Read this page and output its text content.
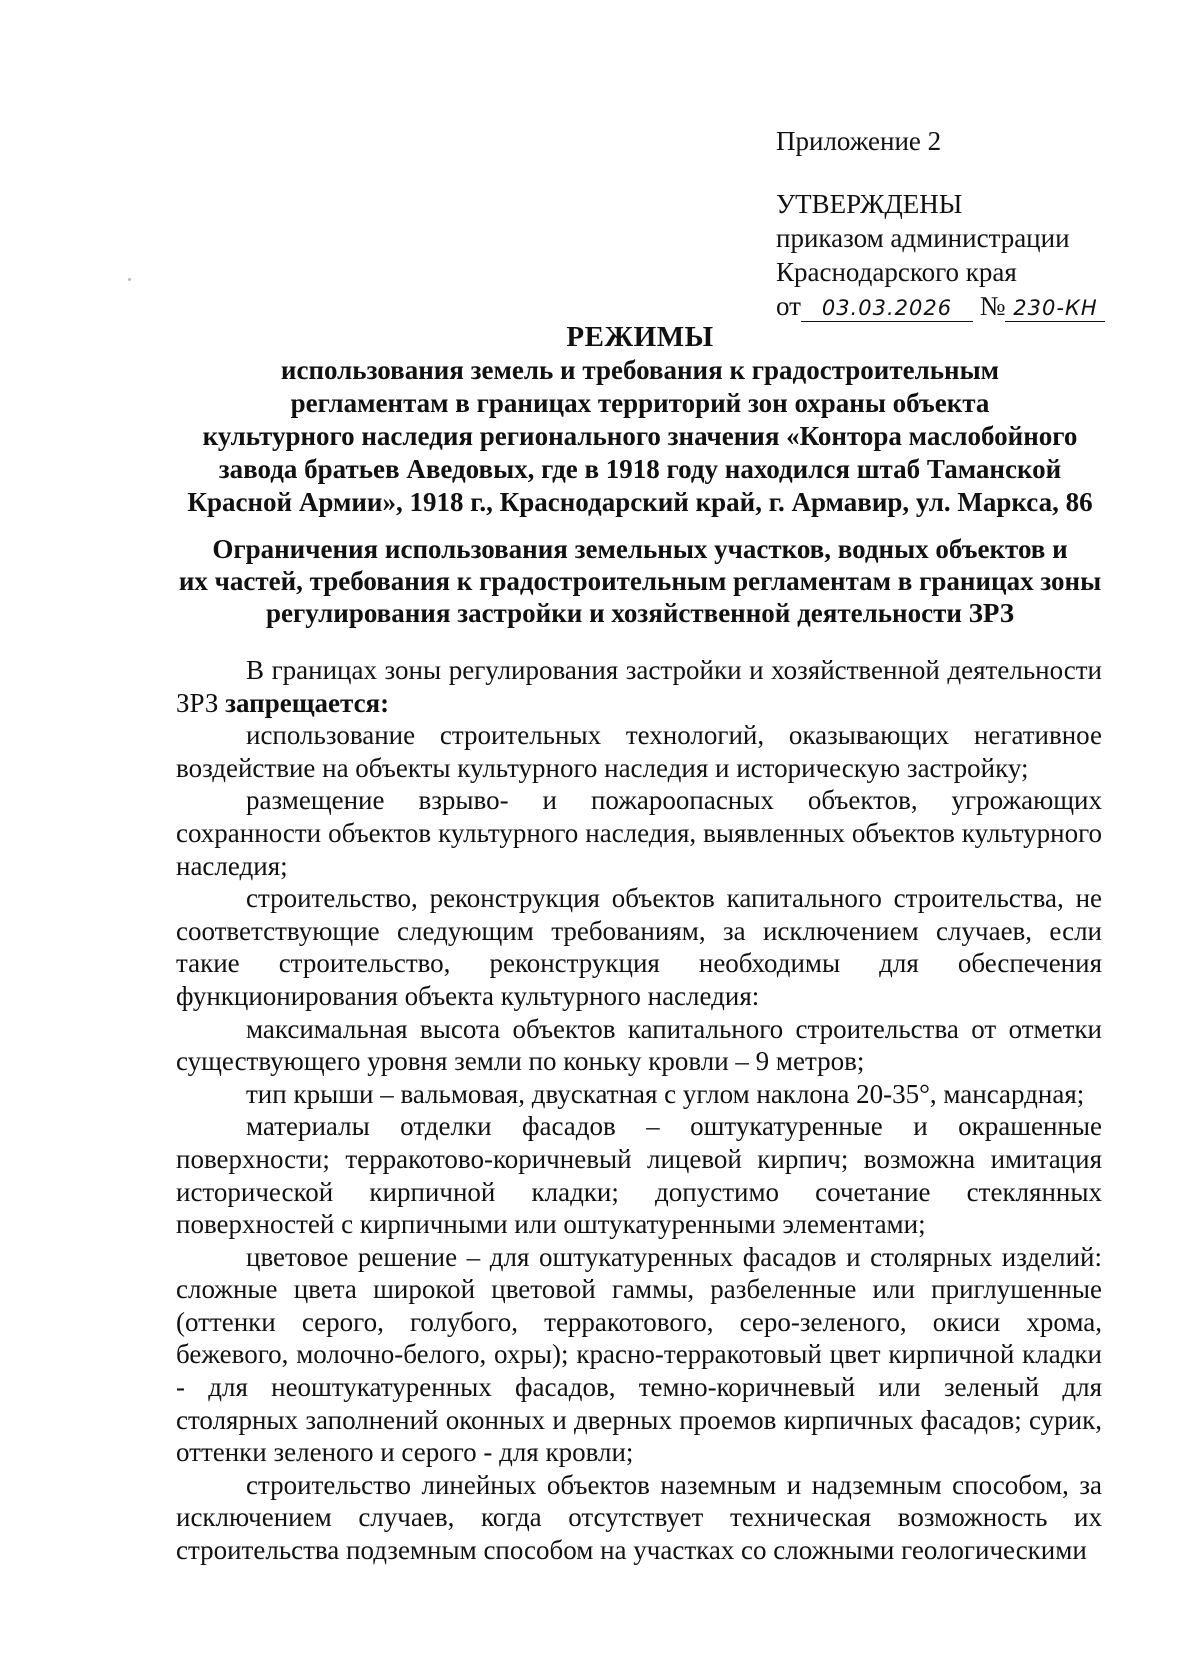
Приложение 2
УТВЕРЖДЕНЫ
приказом администрации
Краснодарского края
от 03.03.2026 № 230-КН
РЕЖИМЫ
использования земель и требования к градостроительным
регламентам в границах территорий зон охраны объекта
культурного наследия регионального значения «Контора маслобойного
завода братьев Аведовых, где в 1918 году находился штаб Таманской
Красной Армии», 1918 г., Краснодарский край, г. Армавир, ул. Маркса, 86
Ограничения использования земельных участков, водных объектов и
их частей, требования к градостроительным регламентам в границах зоны
регулирования застройки и хозяйственной деятельности ЗРЗ

В границах зоны регулирования застройки и хозяйственной деятельности ЗРЗ запрещается:

использование строительных технологий, оказывающих негативное воздействие на объекты культурного наследия и историческую застройку;

размещение взрыво- и пожароопасных объектов, угрожающих сохранности объектов культурного наследия, выявленных объектов культурного наследия;

строительство, реконструкция объектов капитального строительства, не соответствующие следующим требованиям, за исключением случаев, если такие строительство, реконструкция необходимы для обеспечения функционирования объекта культурного наследия:

максимальная высота объектов капитального строительства от отметки существующего уровня земли по коньку кровли – 9 метров;

тип крыши – вальмовая, двускатная с углом наклона 20-35°, мансардная;

материалы отделки фасадов – оштукатуренные и окрашенные поверхности; терракотово-коричневый лицевой кирпич; возможна имитация исторической кирпичной кладки; допустимо сочетание стеклянных поверхностей с кирпичными или оштукатуренными элементами;

цветовое решение – для оштукатуренных фасадов и столярных изделий: сложные цвета широкой цветовой гаммы, разбеленные или приглушенные (оттенки серого, голубого, терракотового, серо-зеленого, окиси хрома, бежевого, молочно-белого, охры); красно-терракотовый цвет кирпичной кладки - для неоштукатуренных фасадов, темно-коричневый или зеленый для столярных заполнений оконных и дверных проемов кирпичных фасадов; сурик, оттенки зеленого и серого - для кровли;

строительство линейных объектов наземным и надземным способом, за исключением случаев, когда отсутствует техническая возможность их строительства подземным способом на участках со сложными геологическими
